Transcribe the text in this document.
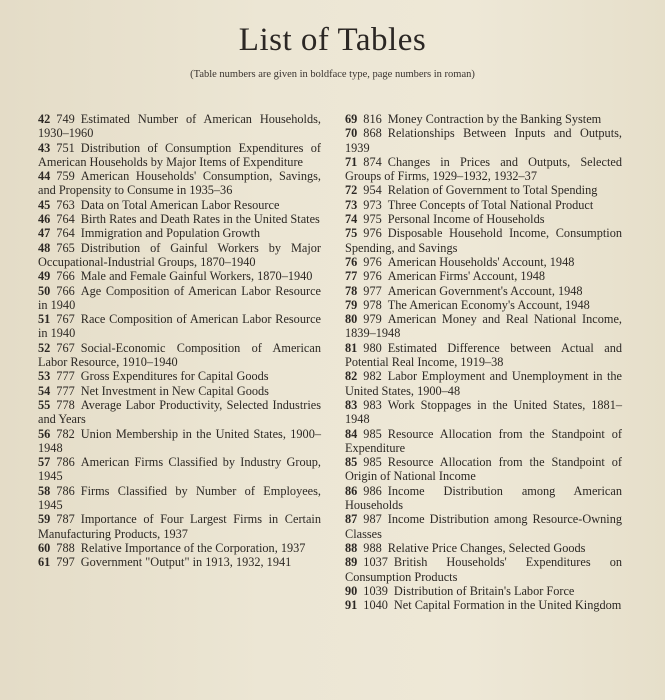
List of Tables
(Table numbers are given in boldface type, page numbers in roman)

42 749 Estimated Number of American Households, 1930–1960

43 751 Distribution of Consumption Expenditures of American Households by Major Items of Expenditure

44 759 American Households' Consumption, Savings, and Propensity to Consume in 1935–36

45 763 Data on Total American Labor Resource

46 764 Birth Rates and Death Rates in the United States

47 764 Immigration and Population Growth

48 765 Distribution of Gainful Workers by Major Occupational-Industrial Groups, 1870–1940

49 766 Male and Female Gainful Workers, 1870–1940

50 766 Age Composition of American Labor Resource in 1940

51 767 Race Composition of American Labor Resource in 1940

52 767 Social-Economic Composition of American Labor Resource, 1910–1940

53 777 Gross Expenditures for Capital Goods

54 777 Net Investment in New Capital Goods

55 778 Average Labor Productivity, Selected Industries and Years

56 782 Union Membership in the United States, 1900–1948

57 786 American Firms Classified by Industry Group, 1945

58 786 Firms Classified by Number of Employees, 1945

59 787 Importance of Four Largest Firms in Certain Manufacturing Products, 1937

60 788 Relative Importance of the Corporation, 1937

61 797 Government "Output" in 1913, 1932, 1941

69 816 Money Contraction by the Banking System

70 868 Relationships Between Inputs and Outputs, 1939

71 874 Changes in Prices and Outputs, Selected Groups of Firms, 1929–1932, 1932–37

72 954 Relation of Government to Total Spending

73 973 Three Concepts of Total National Product

74 975 Personal Income of Households

75 976 Disposable Household Income, Consumption Spending, and Savings

76 976 American Households' Account, 1948

77 976 American Firms' Account, 1948

78 977 American Government's Account, 1948

79 978 The American Economy's Account, 1948

80 979 American Money and Real National Income, 1839–1948

81 980 Estimated Difference between Actual and Potential Real Income, 1919–38

82 982 Labor Employment and Unemployment in the United States, 1900–48

83 983 Work Stoppages in the United States, 1881–1948

84 985 Resource Allocation from the Standpoint of Expenditure

85 985 Resource Allocation from the Standpoint of Origin of National Income

86 986 Income Distribution among American Households

87 987 Income Distribution among Resource-Owning Classes

88 988 Relative Price Changes, Selected Goods

89 1037 British Households' Expenditures on Consumption Products

90 1039 Distribution of Britain's Labor Force

91 1040 Net Capital Formation in the United Kingdom
